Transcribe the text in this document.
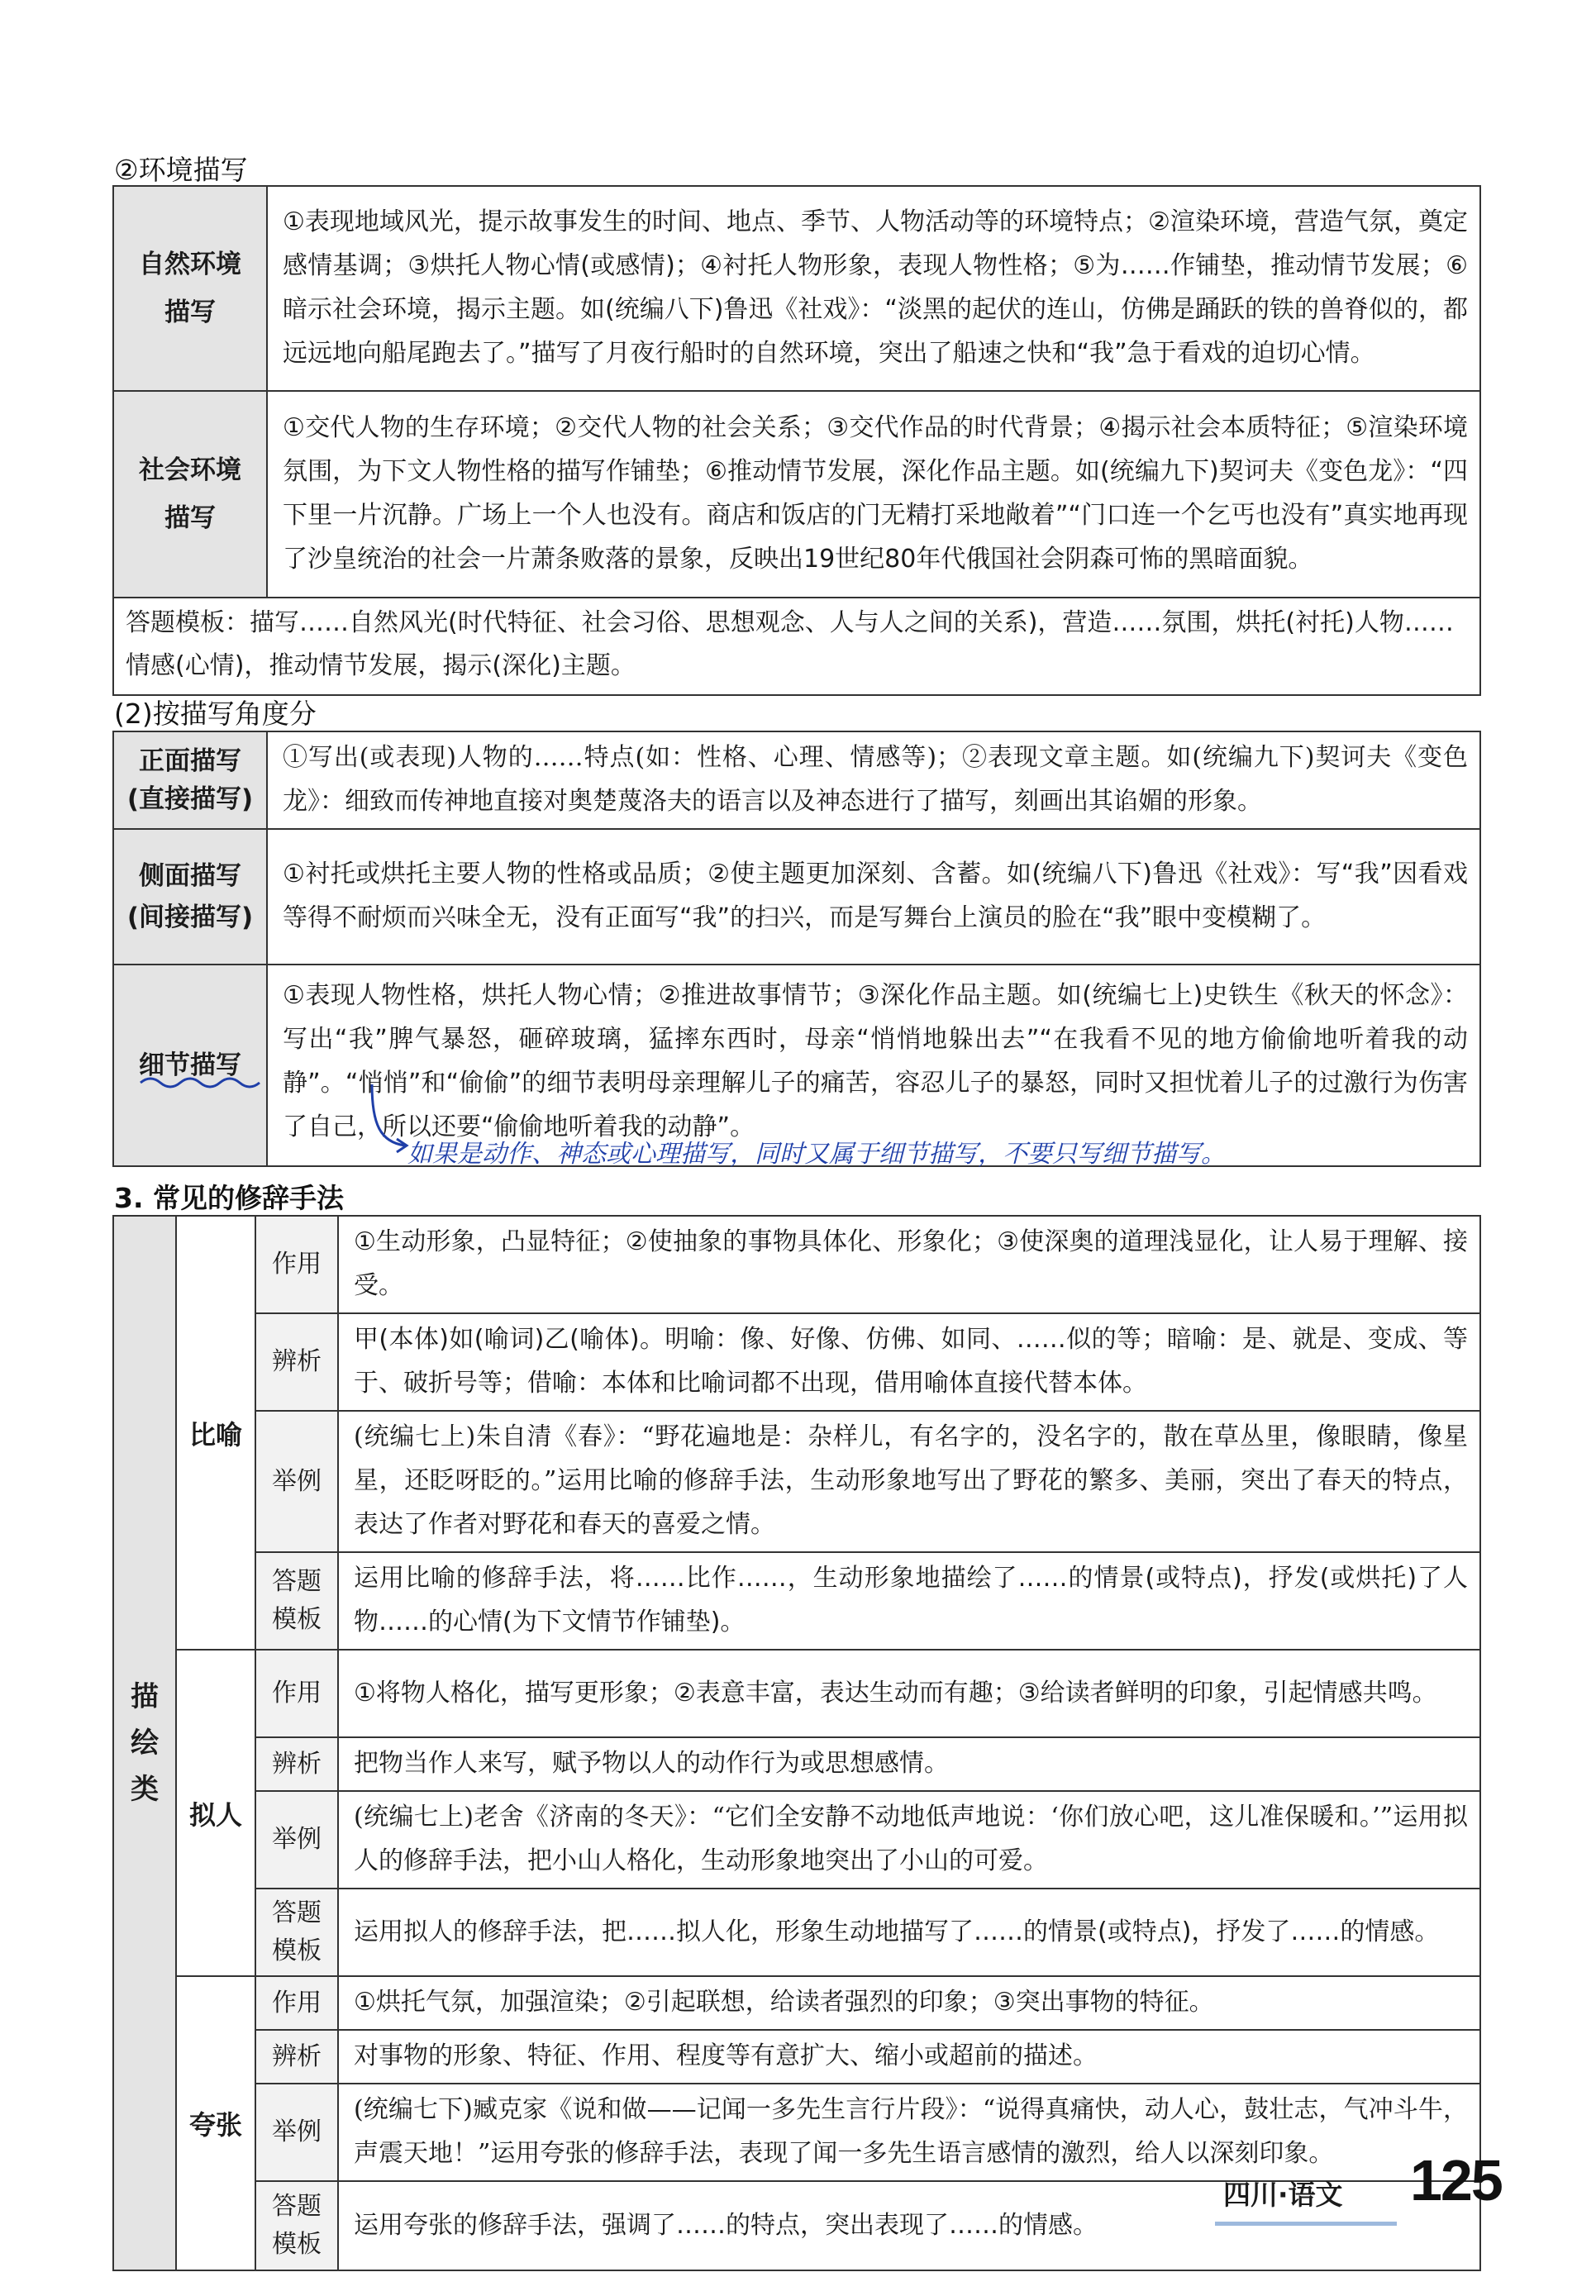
②环境描写
自然环境描写	①表现地域风光，提示故事发生的时间、地点、季节、人物活动等的环境特点；②渲染环境，营造气氛，奠定感情基调；③烘托人物心情(或感情)；④衬托人物形象，表现人物性格；⑤为……作铺垫，推动情节发展；⑥暗示社会环境，揭示主题。如(统编八下)鲁迅《社戏》：“淡黑的起伏的连山，仿佛是踊跃的铁的兽脊似的，都远远地向船尾跑去了。”描写了月夜行船时的自然环境，突出了船速之快和“我”急于看戏的迫切心情。

社会环境描写	①交代人物的生存环境；②交代人物的社会关系；③交代作品的时代背景；④揭示社会本质特征；⑤渲染环境氛围，为下文人物性格的描写作铺垫；⑥推动情节发展，深化作品主题。如(统编九下)契诃夫《变色龙》：“四下里一片沉静。广场上一个人也没有。商店和饭店的门无精打采地敞着”“门口连一个乞丐也没有”真实地再现了沙皇统治的社会一片萧条败落的景象，反映出19世纪80年代俄国社会阴森可怖的黑暗面貌。
答题模板：描写……自然风光(时代特征、社会习俗、思想观念、人与人之间的关系)，营造……氛围，烘托(衬托)人物……情感(心情)，推动情节发展，揭示(深化)主题。	
(2)按描写角度分
正面描写
(直接描写)	①写出(或表现)人物的……特点(如：性格、心理、情感等)；②表现文章主题。如(统编九下)契诃夫《变色龙》：细致而传神地直接对奥楚蔑洛夫的语言以及神态进行了描写，刻画出其谄媚的形象。

侧面描写
(间接描写)	①衬托或烘托主要人物的性格或品质；②使主题更加深刻、含蓄。如(统编八下)鲁迅《社戏》：写“我”因看戏等得不耐烦而兴味全无，没有正面写“我”的扫兴，而是写舞台上演员的脸在“我”眼中变模糊了。

细节描写	①表现人物性格，烘托人物心情；②推进故事情节；③深化作品主题。如(统编七上)史铁生《秋天的怀念》：写出“我”脾气暴怒，砸碎玻璃，猛摔东西时，母亲“悄悄地躲出去”“在我看不见的地方偷偷地听着我的动静”。“悄悄”和“偷偷”的细节表明母亲理解儿子的痛苦，容忍儿子的暴怒，同时又担忧着儿子的过激行为伤害了自己，所以还要“偷偷地听着我的动静”。
如果是动作、神态或心理描写，同时又属于细节描写，不要只写细节描写。
3. 常见的修辞手法
描绘类	比喻	作用	①生动形象，凸显特征；②使抽象的事物具体化、形象化；③使深奥的道理浅显化，让人易于理解、接受。
		辨析	甲(本体)如(喻词)乙(喻体)。明喻：像、好像、仿佛、如同、……似的等；暗喻：是、就是、变成、等于、破折号等；借喻：本体和比喻词都不出现，借用喻体直接代替本体。
		举例	(统编七上)朱自清《春》：“野花遍地是：杂样儿，有名字的，没名字的，散在草丛里，像眼睛，像星星，还眨呀眨的。”运用比喻的修辞手法，生动形象地写出了野花的繁多、美丽，突出了春天的特点，表达了作者对野花和春天的喜爱之情。

		答题模板	运用比喻的修辞手法，将……比作……，生动形象地描绘了……的情景(或特点)，抒发(或烘托)了人物……的心情(为下文情节作铺垫)。
	拟人	作用	①将物人格化，描写更形象；②表意丰富，表达生动而有趣；③给读者鲜明的印象，引起情感共鸣。
		辨析	把物当作人来写，赋予物以人的动作行为或思想感情。
		举例	(统编七上)老舍《济南的冬天》：“它们全安静不动地低声地说：‘你们放心吧，这儿准保暖和。’”运用拟人的修辞手法，把小山人格化，生动形象地突出了小山的可爱。

		答题模板	运用拟人的修辞手法，把……拟人化，形象生动地描写了……的情景(或特点)，抒发了……的情感。
	夸张	作用	①烘托气氛，加强渲染；②引起联想，给读者强烈的印象；③突出事物的特征。
		辨析	对事物的形象、特征、作用、程度等有意扩大、缩小或超前的描述。
		举例	(统编七下)臧克家《说和做——记闻一多先生言行片段》：“说得真痛快，动人心，鼓壮志，气冲斗牛，声震天地！”运用夸张的修辞手法，表现了闻一多先生语言感情的激烈，给人以深刻印象。

		答题模板	运用夸张的修辞手法，强调了……的特点，突出表现了……的情感。
四川·语文 125
